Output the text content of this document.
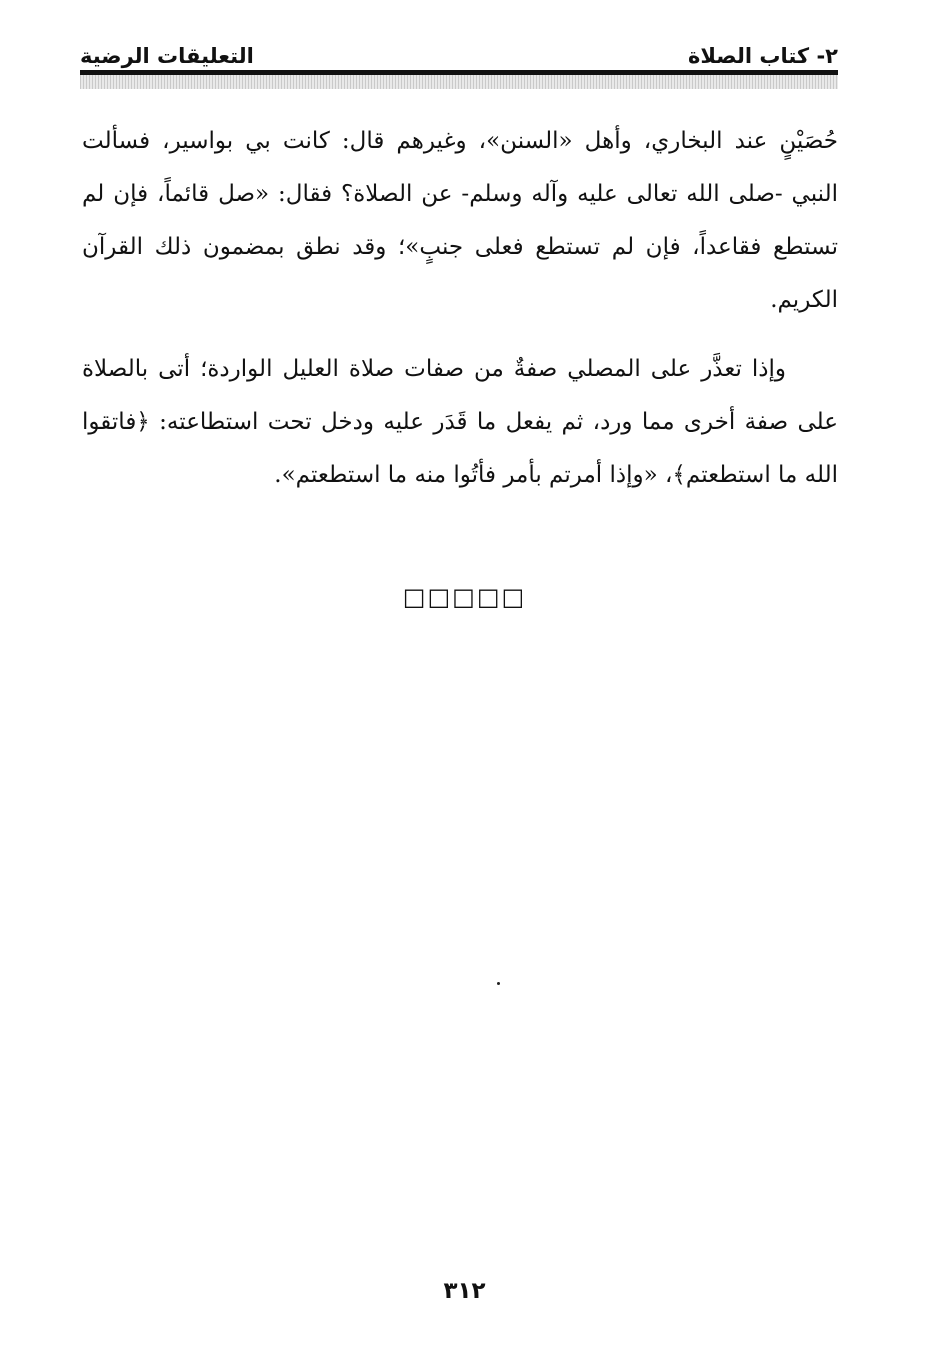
٢- كتاب الصلاة
التعليقات الرضية
حُصَيْنٍ عند البخاري، وأهل «السنن»، وغيرهم قال: كانت بي بواسير، فسألت النبي -صلى الله تعالى عليه وآله وسلم- عن الصلاة؟ فقال: «صل قائماً، فإن لم تستطع فقاعداً، فإن لم تستطع فعلى جنبٍ»؛ وقد نطق بمضمون ذلك القرآن الكريم.
وإذا تعذَّر على المصلي صفةٌ من صفات صلاة العليل الواردة؛ أتى بالصلاة على صفة أخرى مما ورد، ثم يفعل ما قَدَر عليه ودخل تحت استطاعته: ﴿فاتقوا الله ما استطعتم﴾، «وإذا أمرتم بأمر فأتُوا منه ما استطعتم».
□□□□□
٣١٢
